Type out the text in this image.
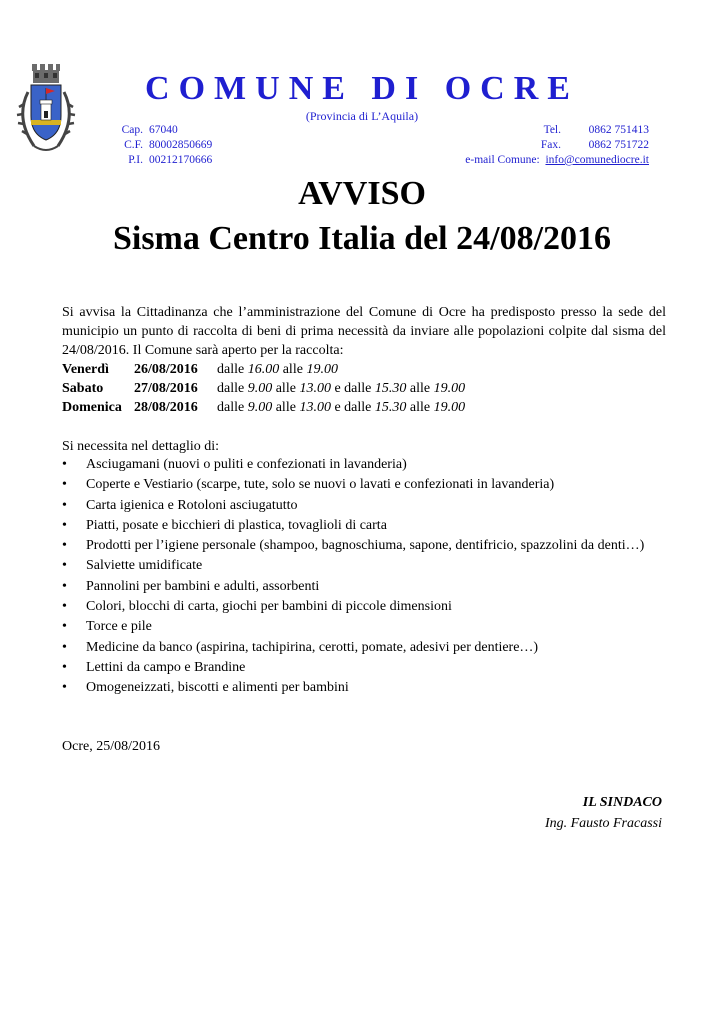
COMUNE DI OCRE
(Provincia di L’Aquila)
Cap. 67040
C.F. 80002850669
P.I. 00212170666
Tel. 0862 751413
Fax. 0862 751722
e-mail Comune: info@comunediocre.it
AVVISO
Sisma Centro Italia del 24/08/2016
Si avvisa la Cittadinanza che l’amministrazione del Comune di Ocre ha predisposto presso la sede del municipio un punto di raccolta di beni di prima necessità da inviare alle popolazioni colpite dal sisma del 24/08/2016. Il Comune sarà aperto per la raccolta:
Venerdì 26/08/2016 dalle 16.00 alle 19.00
Sabato 27/08/2016 dalle 9.00 alle 13.00 e dalle 15.30 alle 19.00
Domenica 28/08/2016 dalle 9.00 alle 13.00 e dalle 15.30 alle 19.00
Si necessita nel dettaglio di:
• Asciugamani (nuovi o puliti e confezionati in lavanderia)
• Coperte e Vestiario (scarpe, tute, solo se nuovi o lavati e confezionati in lavanderia)
• Carta igienica e Rotoloni asciugatutto
• Piatti, posate e bicchieri di plastica, tovaglioli di carta
• Prodotti per l’igiene personale (shampoo, bagnoschiuma, sapone, dentifricio, spazzolini da denti…)
• Salviette umidificate
• Pannolini per bambini e adulti, assorbenti
• Colori, blocchi di carta, giochi per bambini di piccole dimensioni
• Torce e pile
• Medicine da banco (aspirina, tachipirina, cerotti, pomate, adesivi per dentiere…)
• Lettini da campo e Brandine
• Omogeneizzati, biscotti e alimenti per bambini
Ocre, 25/08/2016
IL SINDACO
Ing. Fausto Fracassi
